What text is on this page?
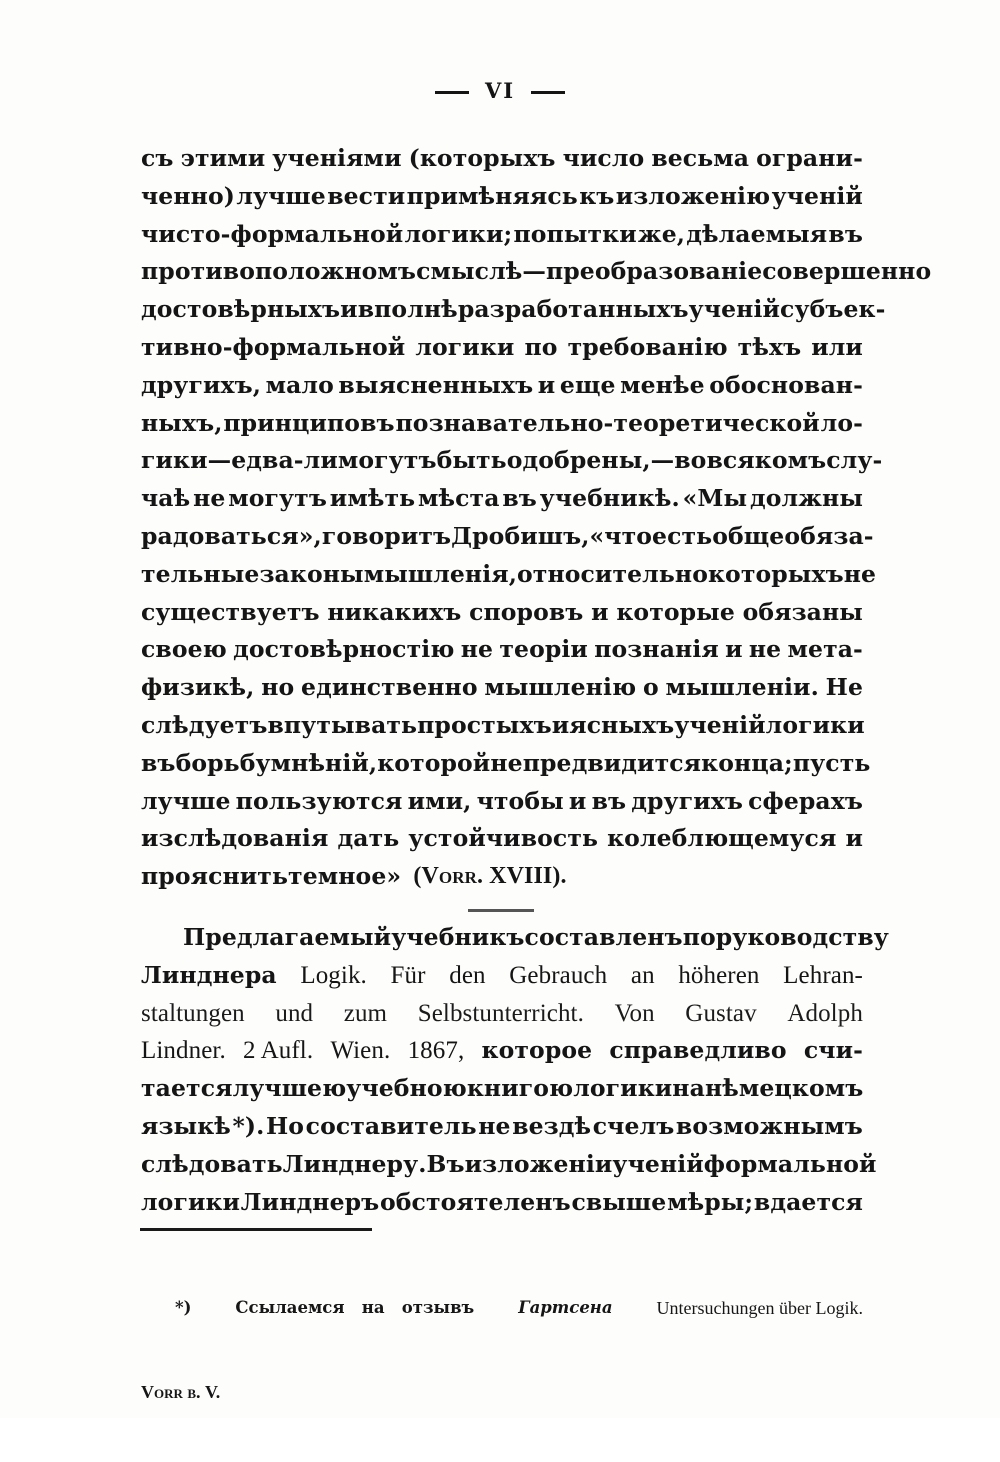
VI
съ этими ученiями (которыхъ число весьма ограни-
ченно) лучше вести примѣняясь къ изложенiю ученiй
чисто-формальной логики; попытки же, дѣлаемыя въ
противоположномъ смыслѣ—преобразованiе совершенно
достовѣрныхъ и вполнѣ разработанныхъ ученiй субъек-
тивно-формальной логики по требованiю тѣхъ или
другихъ, мало выясненныхъ и еще менѣе обоснован-
ныхъ, принциповъ познавательно-теоретической ло-
гики—едва-ли могутъ быть одобрены,—во всякомъ слу-
чаѣ не могутъ имѣть мѣста въ учебникѣ. «Мы должны
радоваться», говоритъ Дробишъ, «что есть общеобяза-
тельные законы мышленiя, относительно которыхъ не
существуетъ никакихъ споровъ и которые обязаны
своею достовѣрностiю не теорiи познанiя и не мета-
физикѣ, но единственно мышленiю о мышленiи. Не
слѣдуетъ впутывать простыхъ и ясныхъ ученiй логики
въ борьбу мнѣнiй, которой не предвидится конца; пусть
лучше пользуются ими, чтобы и въ другихъ сферахъ
изслѣдованiя дать устойчивость колеблющемуся и
прояснить темное» (Vorr. XVIII).
Предлагаемый учебникъ составленъ по руководству
Линднера Logik. Für den Gebrauch an höheren Lehran-
staltungen und zum Selbstunterricht. Von Gustav Adolph
Lindner. 2 Aufl. Wien. 1867, которое справедливо счи-
тается лучшею учебною книгою логики на нѣмецкомъ
языкѣ *). Но составитель не вездѣ счелъ возможнымъ
слѣдовать Линднеру. Въ изложенiи ученiй формальной
логики Линднеръ обстоятеленъ свыше мѣры; вдается

*)	Ссылаемся   на   отзывъ	Гартсена Untersuchungen über Logik.

Vorr в. V.
